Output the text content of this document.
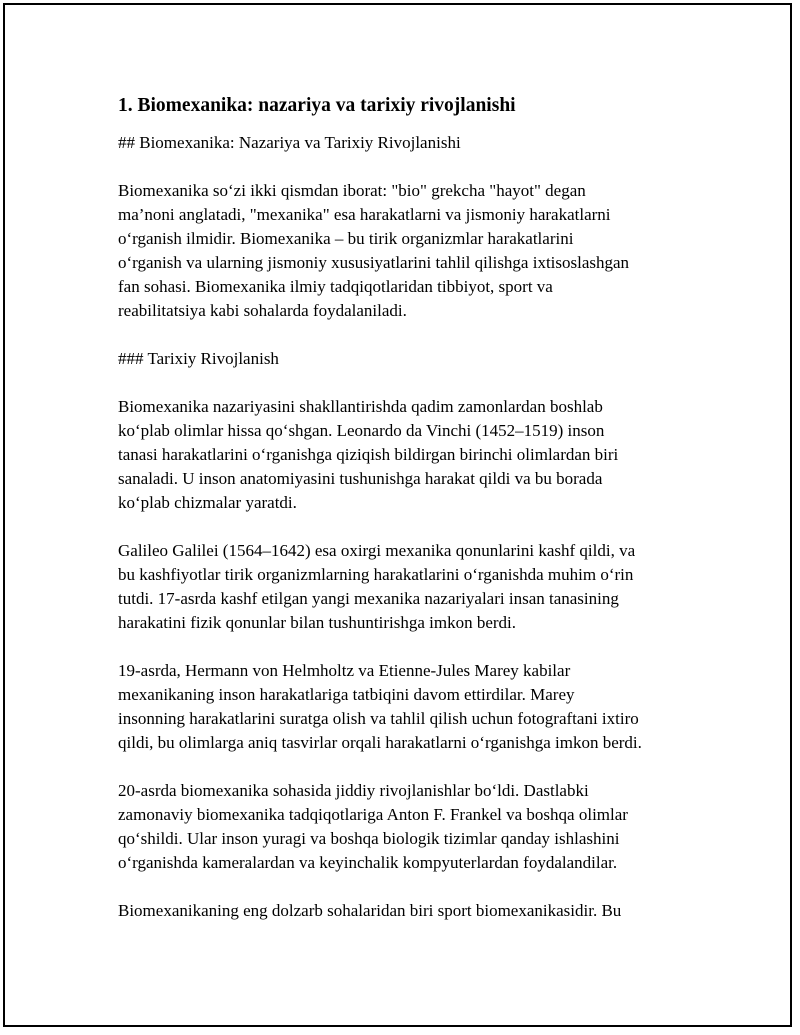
1. Biomexanika: nazariya va tarixiy rivojlanishi

## Biomexanika: Nazariya va Tarixiy Rivojlanishi

Biomexanika so‘zi ikki qismdan iborat: "bio" grekcha "hayot" degan

ma’noni anglatadi, "mexanika" esa harakatlarni va jismoniy harakatlarni

o‘rganish ilmidir. Biomexanika – bu tirik organizmlar harakatlarini

o‘rganish va ularning jismoniy xususiyatlarini tahlil qilishga ixtisoslashgan

fan sohasi. Biomexanika ilmiy tadqiqotlaridan tibbiyot, sport va

reabilitatsiya kabi sohalarda foydalaniladi.

### Tarixiy Rivojlanish

Biomexanika nazariyasini shakllantirishda qadim zamonlardan boshlab

ko‘plab olimlar hissa qo‘shgan. Leonardo da Vinchi (1452–1519) inson

tanasi harakatlarini o‘rganishga qiziqish bildirgan birinchi olimlardan biri

sanaladi. U inson anatomiyasini tushunishga harakat qildi va bu borada

ko‘plab chizmalar yaratdi.

Galileo Galilei (1564–1642) esa oxirgi mexanika qonunlarini kashf qildi, va

bu kashfiyotlar tirik organizmlarning harakatlarini o‘rganishda muhim o‘rin

tutdi. 17-asrda kashf etilgan yangi mexanika nazariyalari insan tanasining

harakatini fizik qonunlar bilan tushuntirishga imkon berdi.

19-asrda, Hermann von Helmholtz va Etienne-Jules Marey kabilar

mexanikaning inson harakatlariga tatbiqini davom ettirdilar. Marey

insonning harakatlarini suratga olish va tahlil qilish uchun fotograftani ixtiro

qildi, bu olimlarga aniq tasvirlar orqali harakatlarni o‘rganishga imkon berdi.

20-asrda biomexanika sohasida jiddiy rivojlanishlar bo‘ldi. Dastlabki

zamonaviy biomexanika tadqiqotlariga Anton F. Frankel va boshqa olimlar

qo‘shildi. Ular inson yuragi va boshqa biologik tizimlar qanday ishlashini

o‘rganishda kameralardan va keyinchalik kompyuterlardan foydalandilar.

Biomexanikaning eng dolzarb sohalaridan biri sport biomexanikasidir. Bu
